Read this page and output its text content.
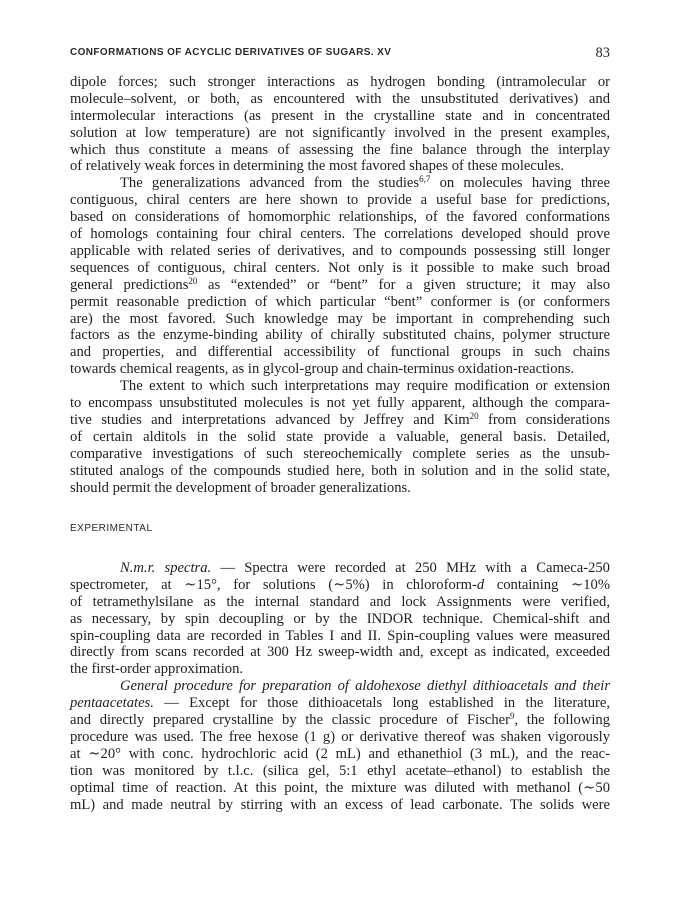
CONFORMATIONS OF ACYCLIC DERIVATIVES OF SUGARS. XV	83
dipole forces; such stronger interactions as hydrogen bonding (intramolecular or
molecule–solvent, or both, as encountered with the unsubstituted derivatives) and
intermolecular interactions (as present in the crystalline state and in concentrated
solution at low temperature) are not significantly involved in the present examples,
which thus constitute a means of assessing the fine balance through the interplay
of relatively weak forces in determining the most favored shapes of these molecules.
The generalizations advanced from the studies$^{6,7}$ on molecules having three
contiguous, chiral centers are here shown to provide a useful base for predictions,
based on considerations of homomorphic relationships, of the favored conformations
of homologs containing four chiral centers. The correlations developed should prove
applicable with related series of derivatives, and to compounds possessing still longer
sequences of contiguous, chiral centers. Not only is it possible to make such broad
general predictions$^{20}$ as “extended” or “bent” for a given structure; it may also
permit reasonable prediction of which particular “bent” conformer is (or conformers
are) the most favored. Such knowledge may be important in comprehending such
factors as the enzyme-binding ability of chirally substituted chains, polymer structure
and properties, and differential accessibility of functional groups in such chains
towards chemical reagents, as in glycol-group and chain-terminus oxidation-reactions.
The extent to which such interpretations may require modification or extension
to encompass unsubstituted molecules is not yet fully apparent, although the compara-
tive studies and interpretations advanced by Jeffrey and Kim$^{20}$ from considerations
of certain alditols in the solid state provide a valuable, general basis. Detailed,
comparative investigations of such stereochemically complete series as the unsub-
stituted analogs of the compounds studied here, both in solution and in the solid state,
should permit the development of broader generalizations.
EXPERIMENTAL
N.m.r. spectra. — Spectra were recorded at 250 MHz with a Cameca-250
spectrometer, at ∼15°, for solutions (∼5%) in chloroform-d containing ∼10%
of tetramethylsilane as the internal standard and lock Assignments were verified,
as necessary, by spin decoupling or by the INDOR technique. Chemical-shift and
spin-coupling data are recorded in Tables I and II. Spin-coupling values were measured
directly from scans recorded at 300 Hz sweep-width and, except as indicated, exceeded
the first-order approximation.
General procedure for preparation of aldohexose diethyl dithioacetals and their
pentaacetates. — Except for those dithioacetals long established in the literature,
and directly prepared crystalline by the classic procedure of Fischer$^9$, the following
procedure was used. The free hexose (1 g) or derivative thereof was shaken vigorously
at ∼20° with conc. hydrochloric acid (2 mL) and ethanethiol (3 mL), and the reac-
tion was monitored by t.l.c. (silica gel, 5:1 ethyl acetate–ethanol) to establish the
optimal time of reaction. At this point, the mixture was diluted with methanol (∼50
mL) and made neutral by stirring with an excess of lead carbonate. The solids were
